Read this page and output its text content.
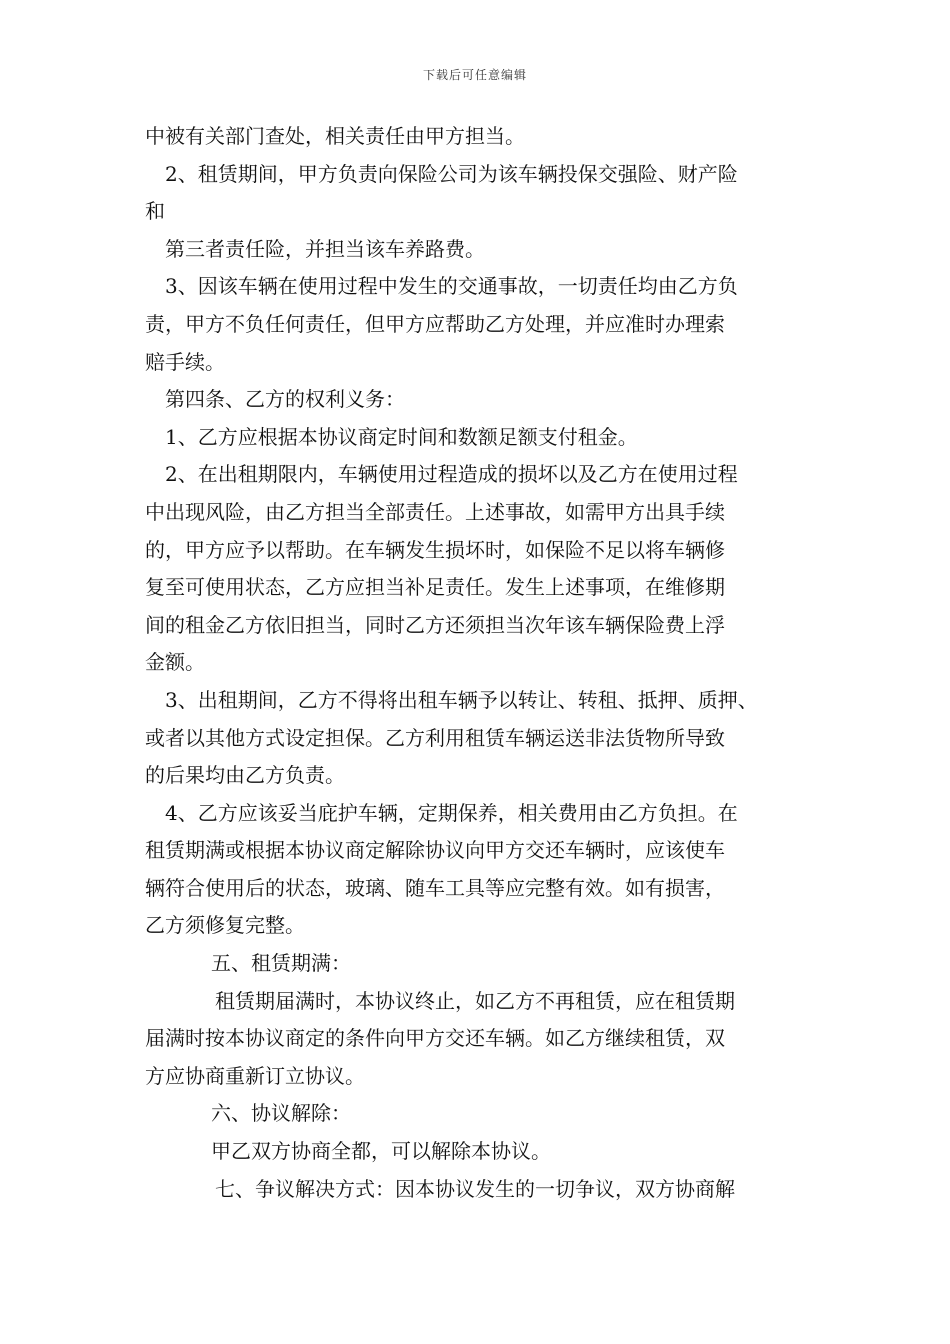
下载后可任意编辑
中被有关部门查处，相关责任由甲方担当。
2、租赁期间，甲方负责向保险公司为该车辆投保交强险、财产险
和
第三者责任险，并担当该车养路费。
3、因该车辆在使用过程中发生的交通事故，一切责任均由乙方负
责，甲方不负任何责任，但甲方应帮助乙方处理，并应准时办理索
赔手续。
第四条、乙方的权利义务：
1、乙方应根据本协议商定时间和数额足额支付租金。
2、在出租期限内，车辆使用过程造成的损坏以及乙方在使用过程
中出现风险，由乙方担当全部责任。上述事故，如需甲方出具手续
的，甲方应予以帮助。在车辆发生损坏时，如保险不足以将车辆修
复至可使用状态，乙方应担当补足责任。发生上述事项，在维修期
间的租金乙方依旧担当，同时乙方还须担当次年该车辆保险费上浮
金额。
3、出租期间，乙方不得将出租车辆予以转让、转租、抵押、质押、
或者以其他方式设定担保。乙方利用租赁车辆运送非法货物所导致
的后果均由乙方负责。
4、乙方应该妥当庇护车辆，定期保养，相关费用由乙方负担。在
租赁期满或根据本协议商定解除协议向甲方交还车辆时，应该使车
辆符合使用后的状态，玻璃、随车工具等应完整有效。如有损害，
乙方须修复完整。
五、租赁期满：
租赁期届满时，本协议终止，如乙方不再租赁，应在租赁期
届满时按本协议商定的条件向甲方交还车辆。如乙方继续租赁，双
方应协商重新订立协议。
六、协议解除：
甲乙双方协商全都，可以解除本协议。
七、争议解决方式：因本协议发生的一切争议，双方协商解
